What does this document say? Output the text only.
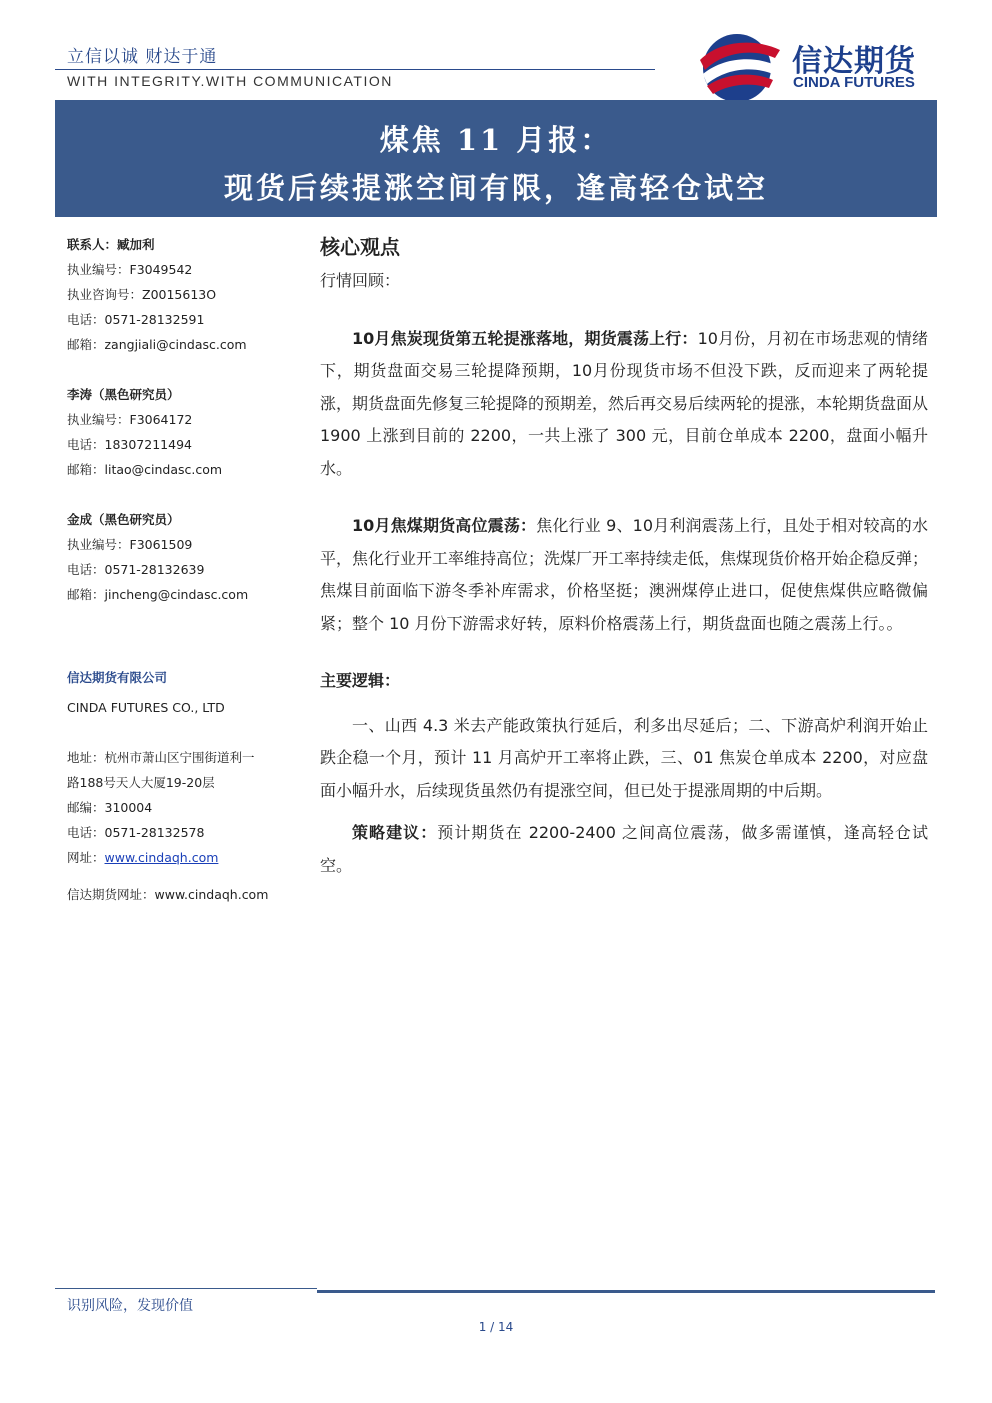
立信以诚 财达于通
WITH INTEGRITY.WITH COMMUNICATION
信达期货
CINDA FUTURES
煤焦 11 月报：
现货后续提涨空间有限，逢高轻仓试空
联系人：臧加利
执业编号：F3049542
执业咨询号：Z0015613O
电话：0571-28132591
邮箱：zangjiali@cindasc.com
李涛（黑色研究员）
执业编号：F3064172
电话：18307211494
邮箱：litao@cindasc.com
金成（黑色研究员）
执业编号：F3061509
电话：0571-28132639
邮箱：jincheng@cindasc.com
信达期货有限公司
CINDA FUTURES CO., LTD
地址：杭州市萧山区宁围街道利一
路188号天人大厦19-20层
邮编：310004
电话：0571-28132578
网址：www.cindaqh.com
信达期货网址：www.cindaqh.com
核心观点
行情回顾：
10月焦炭现货第五轮提涨落地，期货震荡上行：10月份，月初在市场悲观的情绪下，期货盘面交易三轮提降预期，10月份现货市场不但没下跌，反而迎来了两轮提涨，期货盘面先修复三轮提降的预期差，然后再交易后续两轮的提涨，本轮期货盘面从 1900 上涨到目前的 2200，一共上涨了 300 元，目前仓单成本 2200，盘面小幅升水。
10月焦煤期货高位震荡：焦化行业 9、10月利润震荡上行，且处于相对较高的水平，焦化行业开工率维持高位；洗煤厂开工率持续走低，焦煤现货价格开始企稳反弹；焦煤目前面临下游冬季补库需求，价格坚挺；澳洲煤停止进口，促使焦煤供应略微偏紧；整个 10 月份下游需求好转，原料价格震荡上行，期货盘面也随之震荡上行。。
主要逻辑：
一、山西 4.3 米去产能政策执行延后，利多出尽延后；二、下游高炉利润开始止跌企稳一个月，预计 11 月高炉开工率将止跌，三、01 焦炭仓单成本 2200，对应盘面小幅升水，后续现货虽然仍有提涨空间，但已处于提涨周期的中后期。
策略建议：预计期货在 2200-2400 之间高位震荡，做多需谨慎，逢高轻仓试空。
识别风险，发现价值
1 / 14
